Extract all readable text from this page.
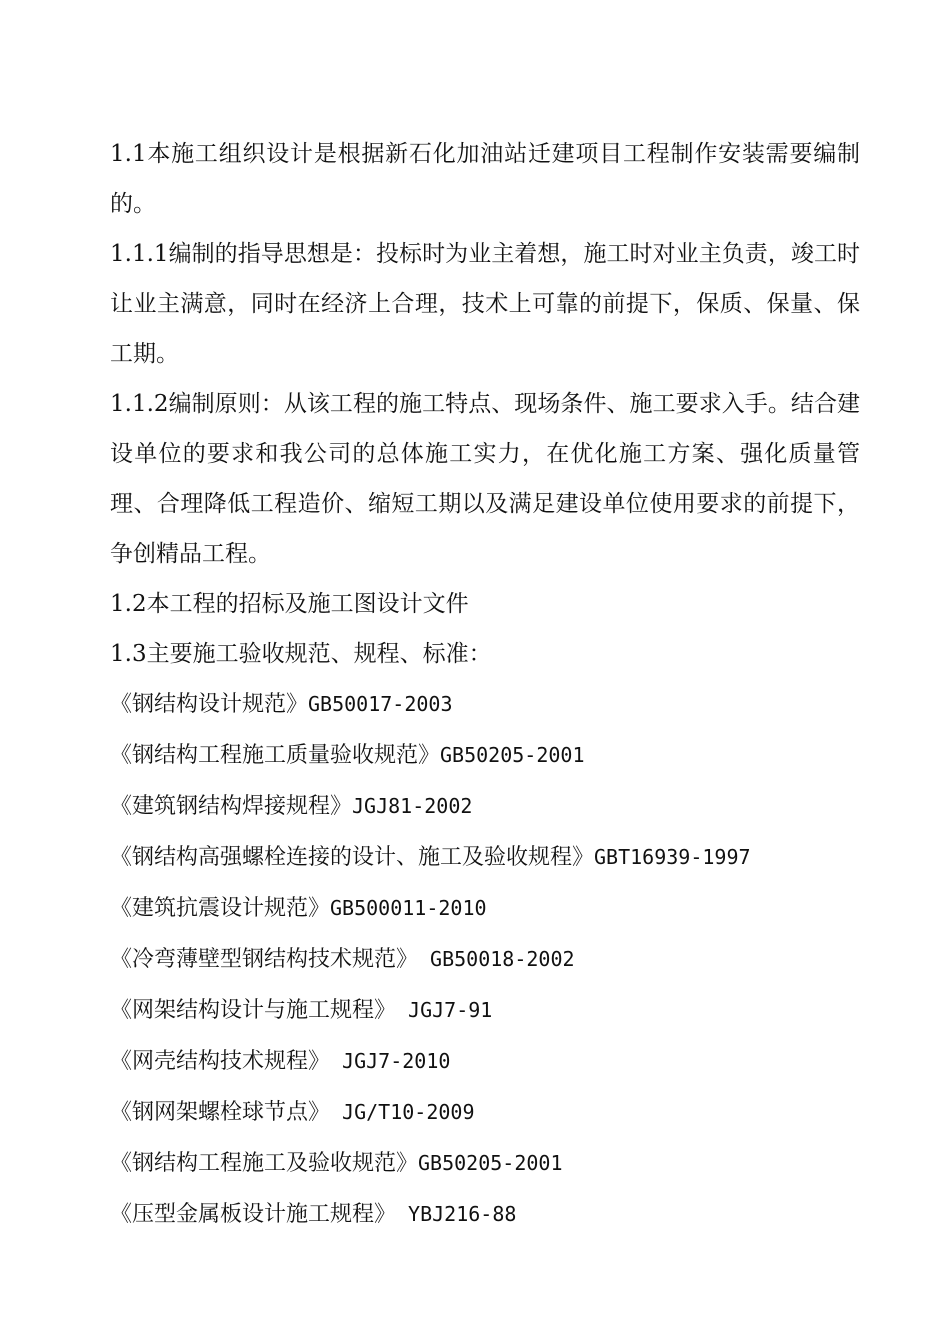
1.1本施工组织设计是根据新石化加油站迁建项目工程制作安装需要编制的。

1.1.1编制的指导思想是：投标时为业主着想，施工时对业主负责，竣工时让业主满意，同时在经济上合理，技术上可靠的前提下，保质、保量、保工期。

1.1.2编制原则：从该工程的施工特点、现场条件、施工要求入手。结合建设单位的要求和我公司的总体施工实力，在优化施工方案、强化质量管理、合理降低工程造价、缩短工期以及满足建设单位使用要求的前提下，争创精品工程。

1.2本工程的招标及施工图设计文件

1.3主要施工验收规范、规程、标准：

《钢结构设计规范》GB50017-2003

《钢结构工程施工质量验收规范》GB50205-2001

《建筑钢结构焊接规程》JGJ81-2002

《钢结构高强螺栓连接的设计、施工及验收规程》GBT16939-1997

《建筑抗震设计规范》GB500011-2010

《冷弯薄壁型钢结构技术规范》 GB50018-2002

《网架结构设计与施工规程》 JGJ7-91

《网壳结构技术规程》 JGJ7-2010

《钢网架螺栓球节点》 JG/T10-2009

《钢结构工程施工及验收规范》GB50205-2001

《压型金属板设计施工规程》 YBJ216-88
